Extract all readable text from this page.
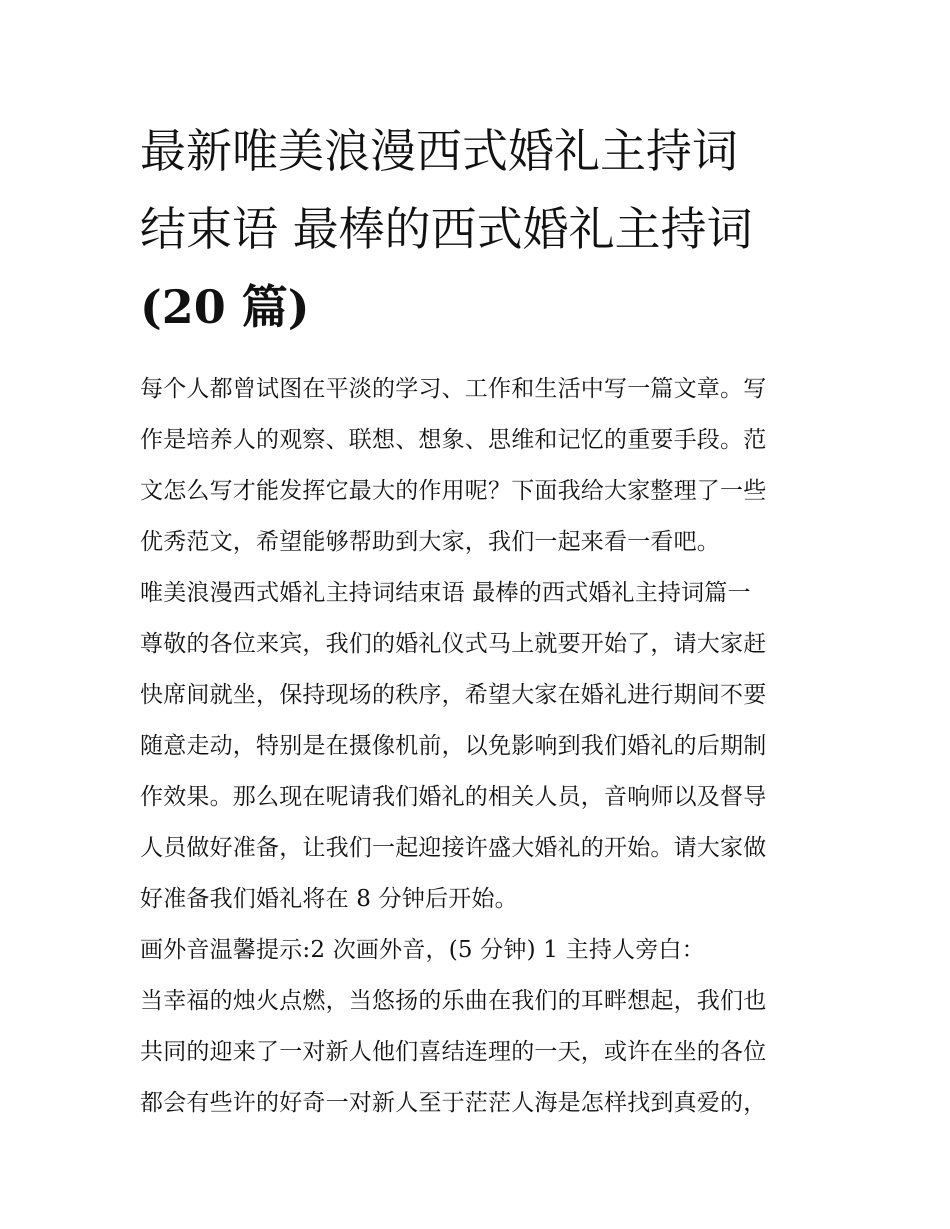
最新唯美浪漫西式婚礼主持词
结束语 最棒的西式婚礼主持词
(20 篇)

每个人都曾试图在平淡的学习、工作和生活中写一篇文章。写
作是培养人的观察、联想、想象、思维和记忆的重要手段。范
文怎么写才能发挥它最大的作用呢？下面我给大家整理了一些
优秀范文，希望能够帮助到大家，我们一起来看一看吧。

唯美浪漫西式婚礼主持词结束语 最棒的西式婚礼主持词篇一

尊敬的各位来宾，我们的婚礼仪式马上就要开始了，请大家赶
快席间就坐，保持现场的秩序，希望大家在婚礼进行期间不要
随意走动，特别是在摄像机前，以免影响到我们婚礼的后期制
作效果。那么现在呢请我们婚礼的相关人员，音响师以及督导
人员做好准备，让我们一起迎接许盛大婚礼的开始。请大家做
好准备我们婚礼将在 8 分钟后开始。

画外音温馨提示:2 次画外音，(5 分钟) 1 主持人旁白：

当幸福的烛火点燃，当悠扬的乐曲在我们的耳畔想起，我们也
共同的迎来了一对新人他们喜结连理的一天，或许在坐的各位
都会有些许的好奇一对新人至于茫茫人海是怎样找到真爱的，
